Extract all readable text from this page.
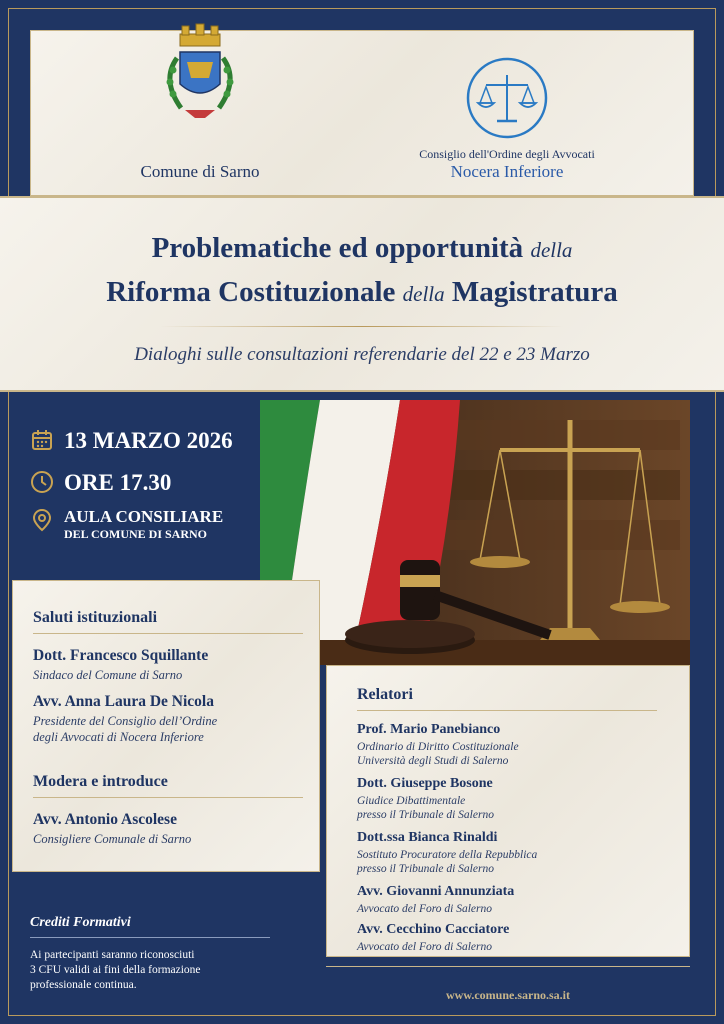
Comune di Sarno
Consiglio dell'Ordine degli Avvocati
Nocera Inferiore
Problematiche ed opportunità della
Riforma Costituzionale della Magistratura
Dialoghi sulle consultazioni referendarie del 22 e 23 Marzo
13 MARZO 2026
ORE 17.30
AULA CONSILIARE
DEL COMUNE DI SARNO
Saluti istituzionali
Dott. Francesco Squillante
Sindaco del Comune di Sarno
Avv. Anna Laura De Nicola
Presidente del Consiglio dell’Ordine
degli Avvocati di Nocera Inferiore
Modera e introduce
Avv. Antonio Ascolese
Consigliere Comunale di Sarno
Relatori
Prof. Mario Panebianco
Ordinario di Diritto Costituzionale
Università degli Studi di Salerno
Dott. Giuseppe Bosone
Giudice Dibattimentale
presso il Tribunale di Salerno
Dott.ssa Bianca Rinaldi
Sostituto Procuratore della Repubblica
presso il Tribunale di Salerno
Avv. Giovanni Annunziata
Avvocato del Foro di Salerno
Avv. Cecchino Cacciatore
Avvocato del Foro di Salerno
Crediti Formativi
Ai partecipanti saranno riconosciuti
3 CFU validi ai fini della formazione
professionale continua.
www.comune.sarno.sa.it
